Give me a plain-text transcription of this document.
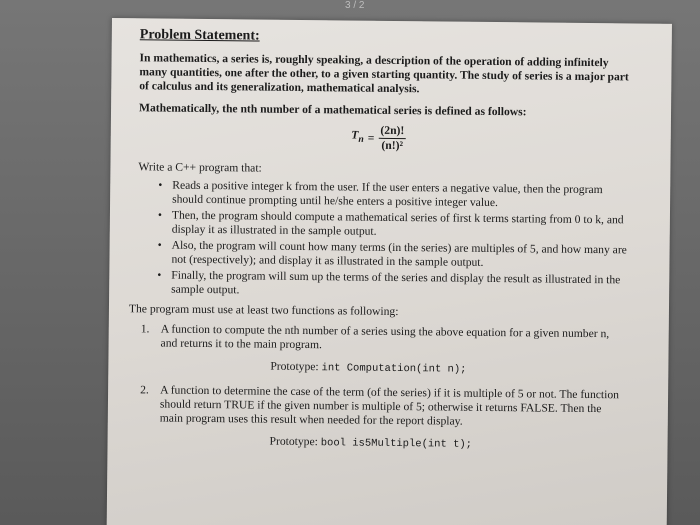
3 / 2
Problem Statement:

In mathematics, a series is, roughly speaking, a description of the operation of adding infinitely many quantities, one after the other, to a given starting quantity. The study of series is a major part of calculus and its generalization, mathematical analysis.

Mathematically, the nth number of a mathematical series is defined as follows:

$T_n = \frac{(2n)!}{\text{(n!)²}}$

Write a C++ program that:

• Reads a positive integer k from the user. If the user enters a negative value, then the program should continue prompting until he/she enters a positive integer value.
• Then, the program should compute a mathematical series of first k terms starting from 0 to k, and display it as illustrated in the sample output.
• Also, the program will count how many terms (in the series) are multiples of 5, and how many are not (respectively); and display it as illustrated in the sample output.
• Finally, the program will sum up the terms of the series and display the result as illustrated in the sample output.

The program must use at least two functions as following:

1. A function to compute the nth number of a series using the above equation for a given number n, and returns it to the main program.
Prototype: int Computation(int n);
2. A function to determine the case of the term (of the series) if it is multiple of 5 or not. The function should return TRUE if the given number is multiple of 5; otherwise it returns FALSE. Then the main program uses this result when needed for the report display.
Prototype: bool is5Multiple(int t);
